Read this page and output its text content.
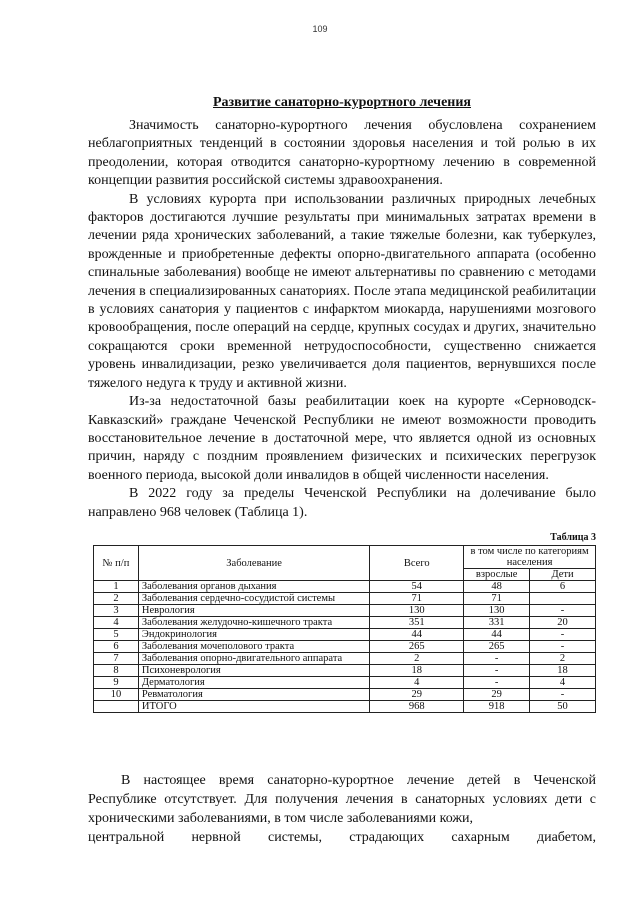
109
Развитие санаторно-курортного лечения

Значимость санаторно-курортного лечения обусловлена сохранением неблагоприятных тенденций в состоянии здоровья населения и той ролью в их преодолении, которая отводится санаторно-курортному лечению в современной концепции развития российской системы здравоохранения.

В условиях курорта при использовании различных природных лечебных факторов достигаются лучшие результаты при минимальных затратах времени в лечении ряда хронических заболеваний, а такие тяжелые болезни, как туберкулез, врожденные и приобретенные дефекты опорно-двигательного аппарата (особенно спинальные заболевания) вообще не имеют альтернативы по сравнению с методами лечения в специализированных санаториях. После этапа медицинской реабилитации в условиях санатория у пациентов с инфарктом миокарда, нарушениями мозгового кровообращения, после операций на сердце, крупных сосудах и других, значительно сокращаются сроки временной нетрудоспособности, существенно снижается уровень инвалидизации, резко увеличивается доля пациентов, вернувшихся после тяжелого недуга к труду и активной жизни.

Из-за недостаточной базы реабилитации коек на курорте «Серноводск-Кавказский» граждане Чеченской Республики не имеют возможности проводить восстановительное лечение в достаточной мере, что является одной из основных причин, наряду с поздним проявлением физических и психических перегрузок военного периода, высокой доли инвалидов в общей численности населения.

В 2022 году за пределы Чеченской Республики на долечивание было направлено 968 человек (Таблица 1).

Таблица 3
№ п/п	Заболевание	Всего	в том числе по категориям населения	
			взрослые	Дети
1	Заболевания органов дыхания	54	48	6
2	Заболевания сердечно-сосудистой системы	71	71	
3	Неврология	130	130	-
4	Заболевания желудочно-кишечного тракта	351	331	20
5	Эндокринология	44	44	-
6	Заболевания мочеполового тракта	265	265	-
7	Заболевания опорно-двигательного аппарата	2	-	2
8	Психоневрология	18	-	18
9	Дерматология	4	-	4
10	Ревматология	29	29	-
	ИТОГО	968	918	50

В настоящее время санаторно-курортное лечение детей в Чеченской Республике отсутствует. Для получения лечения в санаторных условиях дети с хроническими заболеваниями, в том числе заболеваниями кожи,

центральной нервной системы, страдающих сахарным диабетом,
